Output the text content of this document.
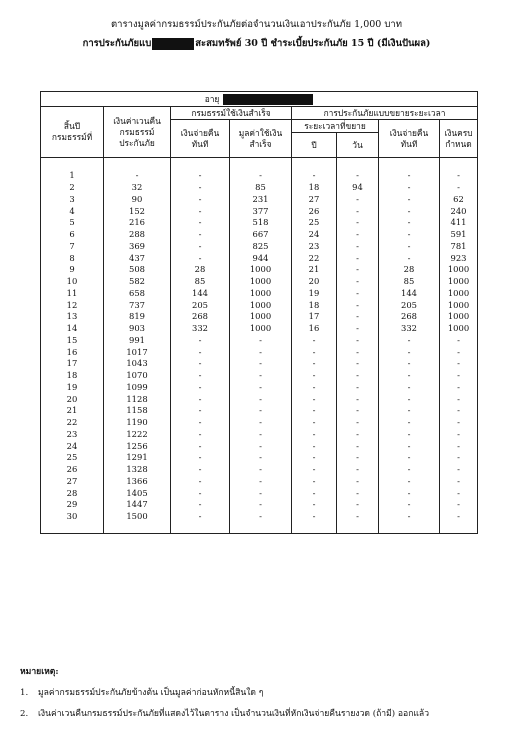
ตารางมูลค่ากรมธรรม์ประกันภัยต่อจำนวนเงินเอาประกันภัย 1,000 บาท
การประกันภัยแบ	สะสมทรัพย์ 30 ปี ชำระเบี้ยประกันภัย 15 ปี (มีเงินปันผล)
อายุ							
สิ้นปี
กรมธรรม์ที่	เงินค่าเวนคืน
กรมธรรม์
ประกันภัย	กรมธรรม์ใช้เงินสำเร็จ		การประกันภัยแบบขยายระยะเวลา			
		เงินจ่ายคืน
ทันที	มูลค่าใช้เงิน
สำเร็จ	ระยะเวลาที่ขยาย		เงินจ่ายคืน
ทันที	เงินครบ
กำหนด
				ปี	วัน		

1	-	-	-	-	-	-	-
2	32	-	85	18	94	-	-
3	90	-	231	27	-	-	62
4	152	-	377	26	-	-	240
5	216	-	518	25	-	-	411
6	288	-	667	24	-	-	591
7	369	-	825	23	-	-	781
8	437	-	944	22	-	-	923
9	508	28	1000	21	-	28	1000
10	582	85	1000	20	-	85	1000
11	658	144	1000	19	-	144	1000
12	737	205	1000	18	-	205	1000
13	819	268	1000	17	-	268	1000
14	903	332	1000	16	-	332	1000
15	991	-	-	-	-	-	-
16	1017	-	-	-	-	-	-
17	1043	-	-	-	-	-	-
18	1070	-	-	-	-	-	-
19	1099	-	-	-	-	-	-
20	1128	-	-	-	-	-	-
21	1158	-	-	-	-	-	-
22	1190	-	-	-	-	-	-
23	1222	-	-	-	-	-	-
24	1256	-	-	-	-	-	-
25	1291	-	-	-	-	-	-
26	1328	-	-	-	-	-	-
27	1366	-	-	-	-	-	-
28	1405	-	-	-	-	-	-
29	1447	-	-	-	-	-	-
30	1500	-	-	-	-	-	-

หมายเหตุ:
1. มูลค่ากรมธรรม์ประกันภัยข้างต้น เป็นมูลค่าก่อนหักหนี้สินใด ๆ
2. เงินค่าเวนคืนกรมธรรม์ประกันภัยที่แสดงไว้ในตาราง เป็นจำนวนเงินที่หักเงินจ่ายคืนรายงวด (ถ้ามี) ออกแล้ว
